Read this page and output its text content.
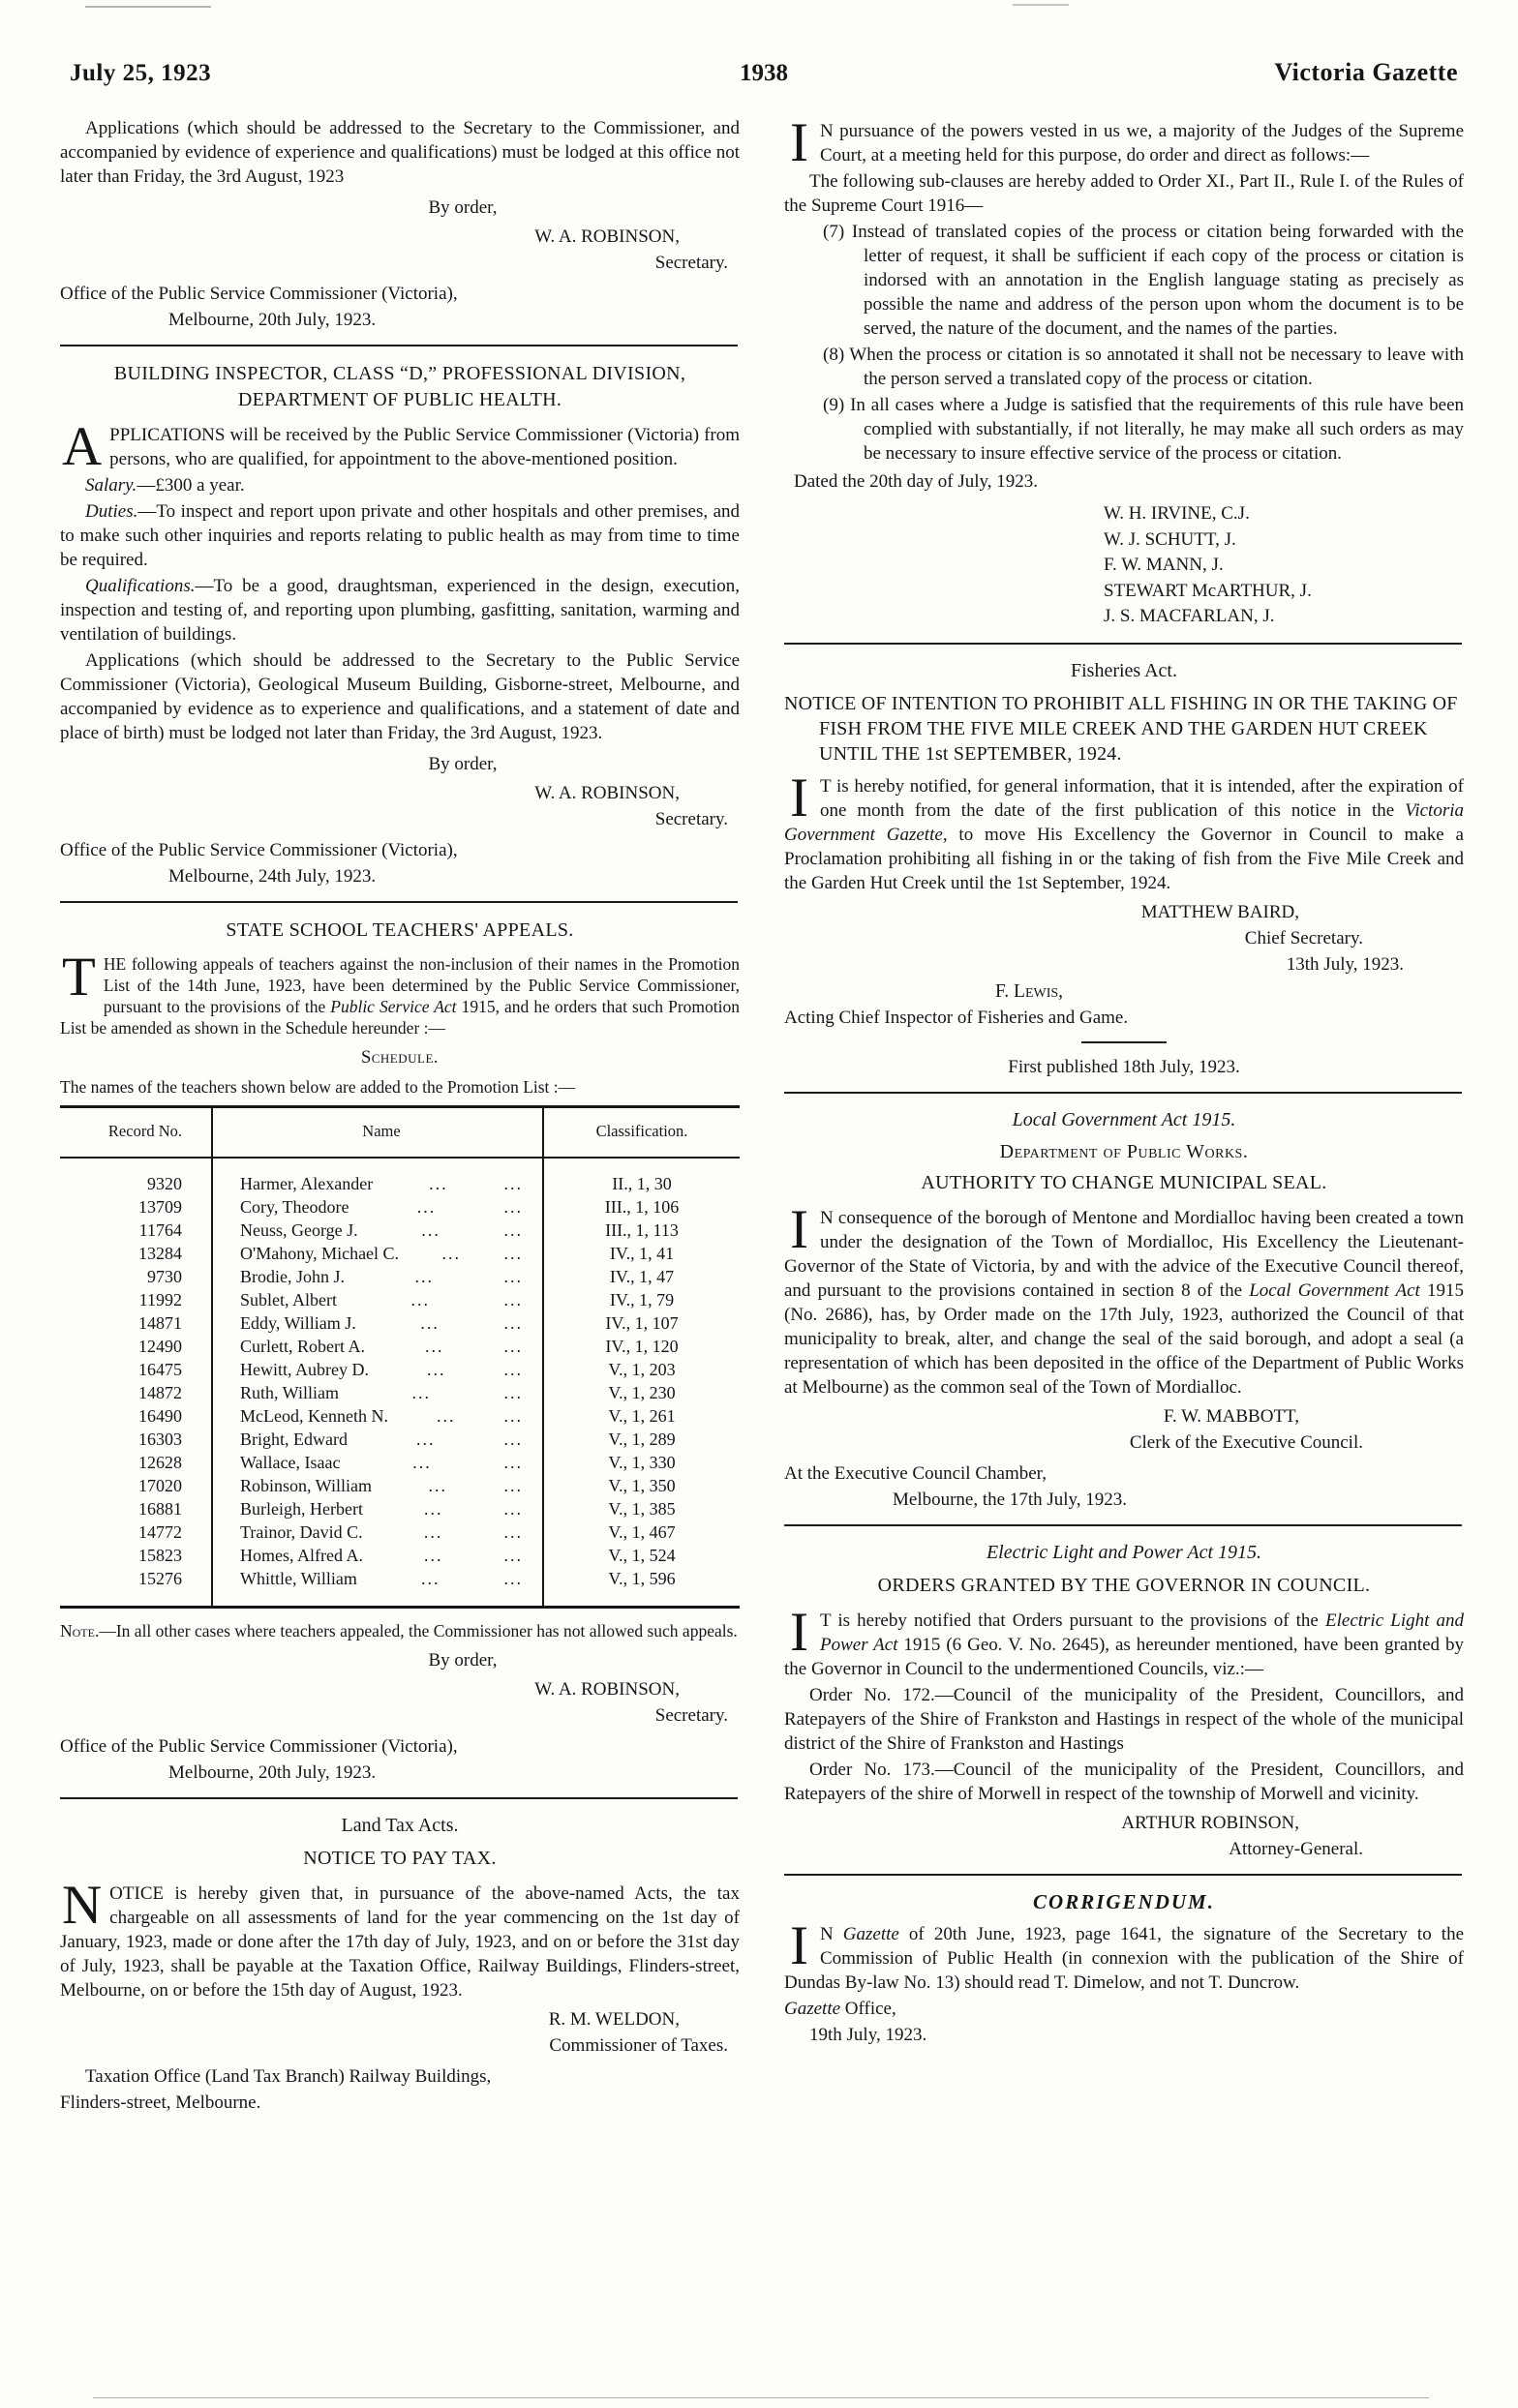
July 25, 1923	1938	Victoria Gazette

Applications (which should be addressed to the Secretary to the Commissioner, and accompanied by evidence of experience and qualifications) must be lodged at this office not later than Friday, the 3rd August, 1923

By order,

W. A. ROBINSON,

Secretary.

Office of the Public Service Commissioner (Victoria),

Melbourne, 20th July, 1923.

BUILDING INSPECTOR, CLASS “D,” PROFESSIONAL DIVISION, DEPARTMENT OF PUBLIC HEALTH.

APPLICATIONS will be received by the Public Service Commissioner (Victoria) from persons, who are qualified, for appointment to the above-mentioned position.

Salary.—£300 a year.

Duties.—To inspect and report upon private and other hospitals and other premises, and to make such other inquiries and reports relating to public health as may from time to time be required.

Qualifications.—To be a good, draughtsman, experienced in the design, execution, inspection and testing of, and reporting upon plumbing, gasfitting, sanitation, warming and ventilation of buildings.

Applications (which should be addressed to the Secretary to the Public Service Commissioner (Victoria), Geological Museum Building, Gisborne-street, Melbourne, and accompanied by evidence as to experience and qualifications, and a statement of date and place of birth) must be lodged not later than Friday, the 3rd August, 1923.

By order,

W. A. ROBINSON,

Secretary.

Office of the Public Service Commissioner (Victoria),

Melbourne, 24th July, 1923.

STATE SCHOOL TEACHERS' APPEALS.

THE following appeals of teachers against the non-inclusion of their names in the Promotion List of the 14th June, 1923, have been determined by the Public Service Commissioner, pursuant to the provisions of the Public Service Act 1915, and he orders that such Promotion List be amended as shown in the Schedule hereunder :—

Schedule.

The names of the teachers shown below are added to the Promotion List :—

Record No.	Name	Classification.
9320	Harmer, Alexander ... ...	II., 1, 30
13709	Cory, Theodore ... ...	III., 1, 106
11764	Neuss, George J. ... ...	III., 1, 113
13284	O'Mahony, Michael C. ... ...	IV., 1, 41
9730	Brodie, John J. ... ...	IV., 1, 47
11992	Sublet, Albert ... ...	IV., 1, 79
14871	Eddy, William J. ... ...	IV., 1, 107
12490	Curlett, Robert A. ... ...	IV., 1, 120
16475	Hewitt, Aubrey D. ... ...	V., 1, 203
14872	Ruth, William ... ...	V., 1, 230
16490	McLeod, Kenneth N. ... ...	V., 1, 261
16303	Bright, Edward ... ...	V., 1, 289
12628	Wallace, Isaac ... ...	V., 1, 330
17020	Robinson, William ... ...	V., 1, 350
16881	Burleigh, Herbert ... ...	V., 1, 385
14772	Trainor, David C. ... ...	V., 1, 467
15823	Homes, Alfred A. ... ...	V., 1, 524
15276	Whittle, William ... ...	V., 1, 596

Note.—In all other cases where teachers appealed, the Commissioner has not allowed such appeals.

By order,

W. A. ROBINSON,

Secretary.

Office of the Public Service Commissioner (Victoria),

Melbourne, 20th July, 1923.

Land Tax Acts.
NOTICE TO PAY TAX.

NOTICE is hereby given that, in pursuance of the above-named Acts, the tax chargeable on all assessments of land for the year commencing on the 1st day of January, 1923, made or done after the 17th day of July, 1923, and on or before the 31st day of July, 1923, shall be payable at the Taxation Office, Railway Buildings, Flinders-street, Melbourne, on or before the 15th day of August, 1923.

R. M. WELDON,

Commissioner of Taxes.

Taxation Office (Land Tax Branch) Railway Buildings,

Flinders-street, Melbourne.

I N pursuance of the powers vested in us we, a majority of the Judges of the Supreme Court, at a meeting held for this purpose, do order and direct as follows:—

The following sub-clauses are hereby added to Order XI., Part II., Rule I. of the Rules of the Supreme Court 1916—

(7) Instead of translated copies of the process or citation being forwarded with the letter of request, it shall be sufficient if each copy of the process or citation is indorsed with an annotation in the English language stating as precisely as possible the name and address of the person upon whom the document is to be served, the nature of the document, and the names of the parties.

(8) When the process or citation is so annotated it shall not be necessary to leave with the person served a translated copy of the process or citation.

(9) In all cases where a Judge is satisfied that the requirements of this rule have been complied with substantially, if not literally, he may make all such orders as may be necessary to insure effective service of the process or citation.

Dated the 20th day of July, 1923.

W. H. IRVINE, C.J.
W. J. SCHUTT, J.
F. W. MANN, J.
STEWART McARTHUR, J.
J. S. MACFARLAN, J.
Fisheries Act.
NOTICE OF INTENTION TO PROHIBIT ALL FISHING IN OR THE TAKING OF FISH FROM THE FIVE MILE CREEK AND THE GARDEN HUT CREEK UNTIL THE 1st SEPTEMBER, 1924.

I T is hereby notified, for general information, that it is intended, after the expiration of one month from the date of the first publication of this notice in the Victoria Government Gazette, to move His Excellency the Governor in Council to make a Proclamation prohibiting all fishing in or the taking of fish from the Five Mile Creek and the Garden Hut Creek until the 1st September, 1924.

MATTHEW BAIRD,

Chief Secretary.

13th July, 1923.

F. Lewis,

Acting Chief Inspector of Fisheries and Game.

First published 18th July, 1923.

Local Government Act 1915.
Department of Public Works.
AUTHORITY TO CHANGE MUNICIPAL SEAL.

I N consequence of the borough of Mentone and Mordialloc having been created a town under the designation of the Town of Mordialloc, His Excellency the Lieutenant-Governor of the State of Victoria, by and with the advice of the Executive Council thereof, and pursuant to the provisions contained in section 8 of the Local Government Act 1915 (No. 2686), has, by Order made on the 17th July, 1923, authorized the Council of that municipality to break, alter, and change the seal of the said borough, and adopt a seal (a representation of which has been deposited in the office of the Department of Public Works at Melbourne) as the common seal of the Town of Mordialloc.

F. W. MABBOTT,

Clerk of the Executive Council.

At the Executive Council Chamber,

Melbourne, the 17th July, 1923.

Electric Light and Power Act 1915.
ORDERS GRANTED BY THE GOVERNOR IN COUNCIL.

I T is hereby notified that Orders pursuant to the provisions of the Electric Light and Power Act 1915 (6 Geo. V. No. 2645), as hereunder mentioned, have been granted by the Governor in Council to the undermentioned Councils, viz.:—

Order No. 172.—Council of the municipality of the President, Councillors, and Ratepayers of the Shire of Frankston and Hastings in respect of the whole of the municipal district of the Shire of Frankston and Hastings

Order No. 173.—Council of the municipality of the President, Councillors, and Ratepayers of the shire of Morwell in respect of the township of Morwell and vicinity.

ARTHUR ROBINSON,

Attorney-General.

CORRIGENDUM.

I N Gazette of 20th June, 1923, page 1641, the signature of the Secretary to the Commission of Public Health (in connexion with the publication of the Shire of Dundas By-law No. 13) should read T. Dimelow, and not T. Duncrow.

Gazette Office,

19th July, 1923.
